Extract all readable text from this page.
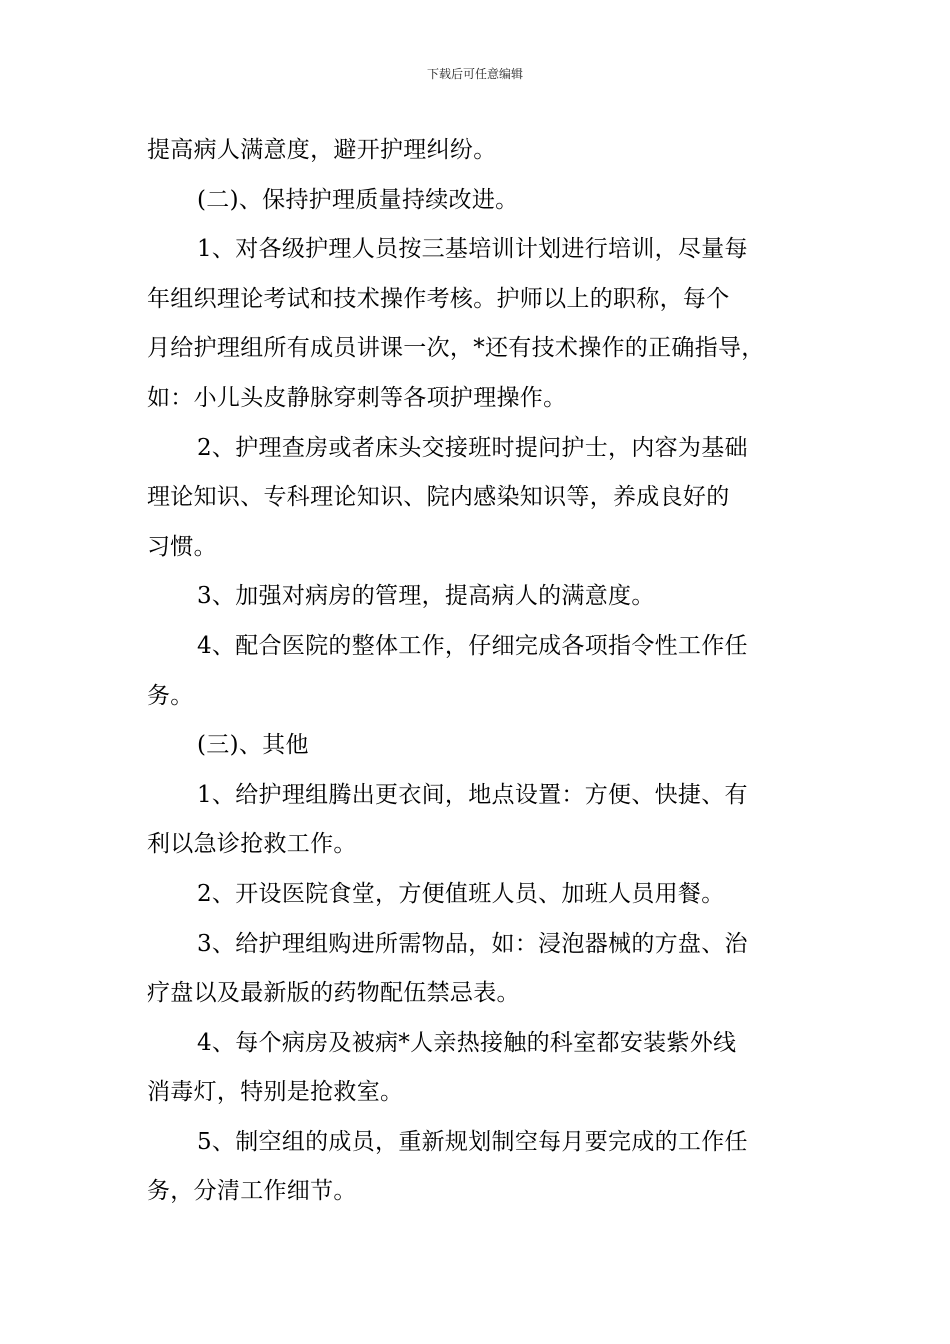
下载后可任意编辑
提高病人满意度，避开护理纠纷。
(二)、保持护理质量持续改进。
1、对各级护理人员按三基培训计划进行培训，尽量每
年组织理论考试和技术操作考核。护师以上的职称，每个
月给护理组所有成员讲课一次，*还有技术操作的正确指导，
如：小儿头皮静脉穿刺等各项护理操作。
2、护理查房或者床头交接班时提问护士，内容为基础
理论知识、专科理论知识、院内感染知识等，养成良好的
习惯。
3、加强对病房的管理，提高病人的满意度。
4、配合医院的整体工作，仔细完成各项指令性工作任
务。
(三)、其他
1、给护理组腾出更衣间，地点设置：方便、快捷、有
利以急诊抢救工作。
2、开设医院食堂，方便值班人员、加班人员用餐。
3、给护理组购进所需物品，如：浸泡器械的方盘、治
疗盘以及最新版的药物配伍禁忌表。
4、每个病房及被病*人亲热接触的科室都安装紫外线
消毒灯，特别是抢救室。
5、制空组的成员，重新规划制空每月要完成的工作任
务，分清工作细节。
